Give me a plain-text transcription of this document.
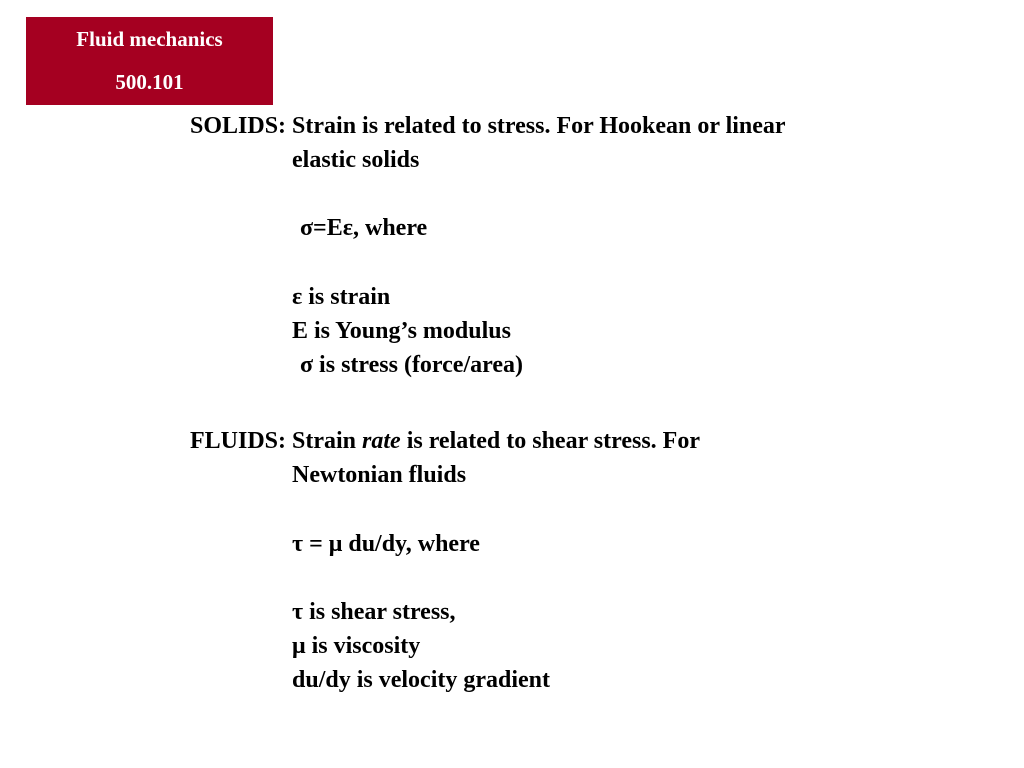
Fluid mechanics
500.101
SOLIDS: Strain is related to stress. For Hookean or linear
elastic solids
σ=Eε, where
ε is strain
E is Young’s modulus
σ is stress (force/area)
FLUIDS: Strain rate is related to shear stress. For
Newtonian fluids
τ = μ du/dy, where
τ is shear stress,
μ is viscosity
du/dy is velocity gradient
